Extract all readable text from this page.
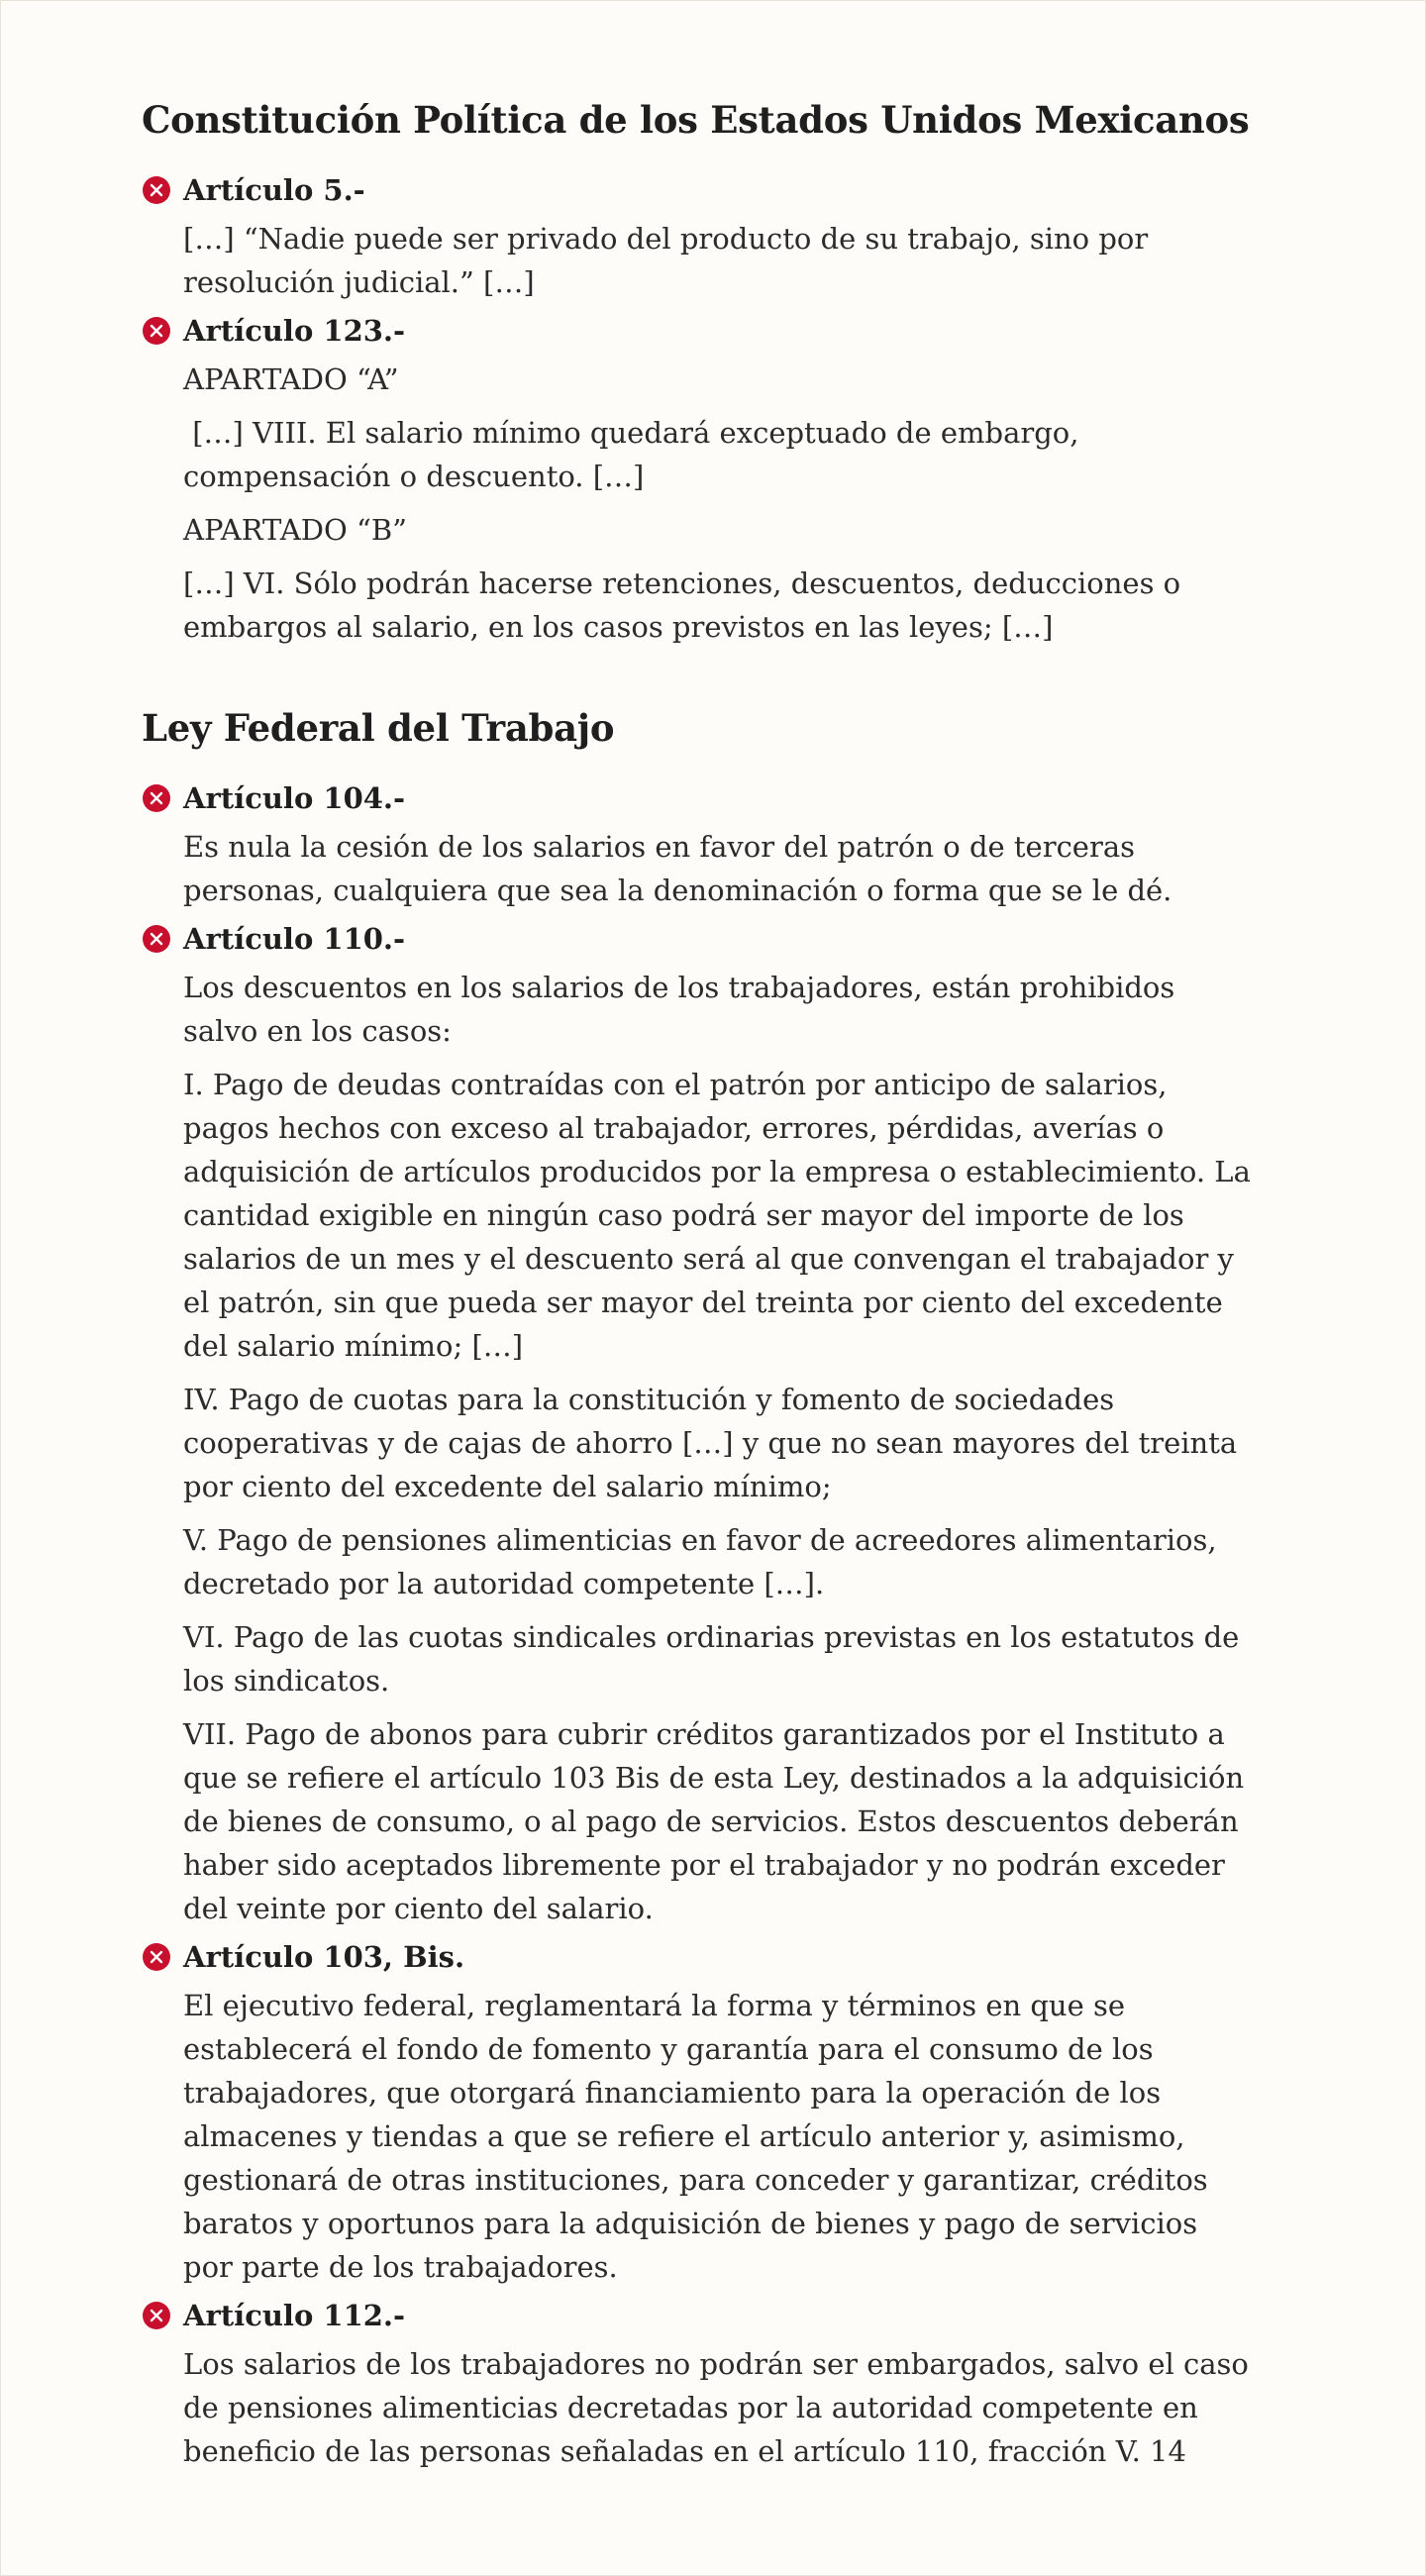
Constitución Política de los Estados Unidos Mexicanos
Artículo 5.-

[…] “Nadie puede ser privado del producto de su trabajo, sino por resolución judicial.” […]

Artículo 123.-

APARTADO “A”

[…] VIII. El salario mínimo quedará exceptuado de embargo, compensación o descuento. […]

APARTADO “B”

[…] VI. Sólo podrán hacerse retenciones, descuentos, deducciones o embargos al salario, en los casos previstos en las leyes; […]

Ley Federal del Trabajo
Artículo 104.-

Es nula la cesión de los salarios en favor del patrón o de terceras personas, cualquiera que sea la denominación o forma que se le dé.

Artículo 110.-

Los descuentos en los salarios de los trabajadores, están prohibidos salvo en los casos:

I. Pago de deudas contraídas con el patrón por anticipo de salarios, pagos hechos con exceso al trabajador, errores, pérdidas, averías o adquisición de artículos producidos por la empresa o establecimiento. La cantidad exigible en ningún caso podrá ser mayor del importe de los salarios de un mes y el descuento será al que convengan el trabajador y el patrón, sin que pueda ser mayor del treinta por ciento del excedente del salario mínimo; […]

IV. Pago de cuotas para la constitución y fomento de sociedades cooperativas y de cajas de ahorro […] y que no sean mayores del treinta por ciento del excedente del salario mínimo;

V. Pago de pensiones alimenticias en favor de acreedores alimentarios, decretado por la autoridad competente […].

VI. Pago de las cuotas sindicales ordinarias previstas en los estatutos de los sindicatos.

VII. Pago de abonos para cubrir créditos garantizados por el Instituto a que se refiere el artículo 103 Bis de esta Ley, destinados a la adquisición de bienes de consumo, o al pago de servicios. Estos descuentos deberán haber sido aceptados libremente por el trabajador y no podrán exceder del veinte por ciento del salario.

Artículo 103, Bis.

El ejecutivo federal, reglamentará la forma y términos en que se establecerá el fondo de fomento y garantía para el consumo de los trabajadores, que otorgará financiamiento para la operación de los almacenes y tiendas a que se refiere el artículo anterior y, asimismo, gestionará de otras instituciones, para conceder y garantizar, créditos baratos y oportunos para la adquisición de bienes y pago de servicios por parte de los trabajadores.

Artículo 112.-

Los salarios de los trabajadores no podrán ser embargados, salvo el caso de pensiones alimenticias decretadas por la autoridad competente en beneficio de las personas señaladas en el artículo 110, fracción V. 14
